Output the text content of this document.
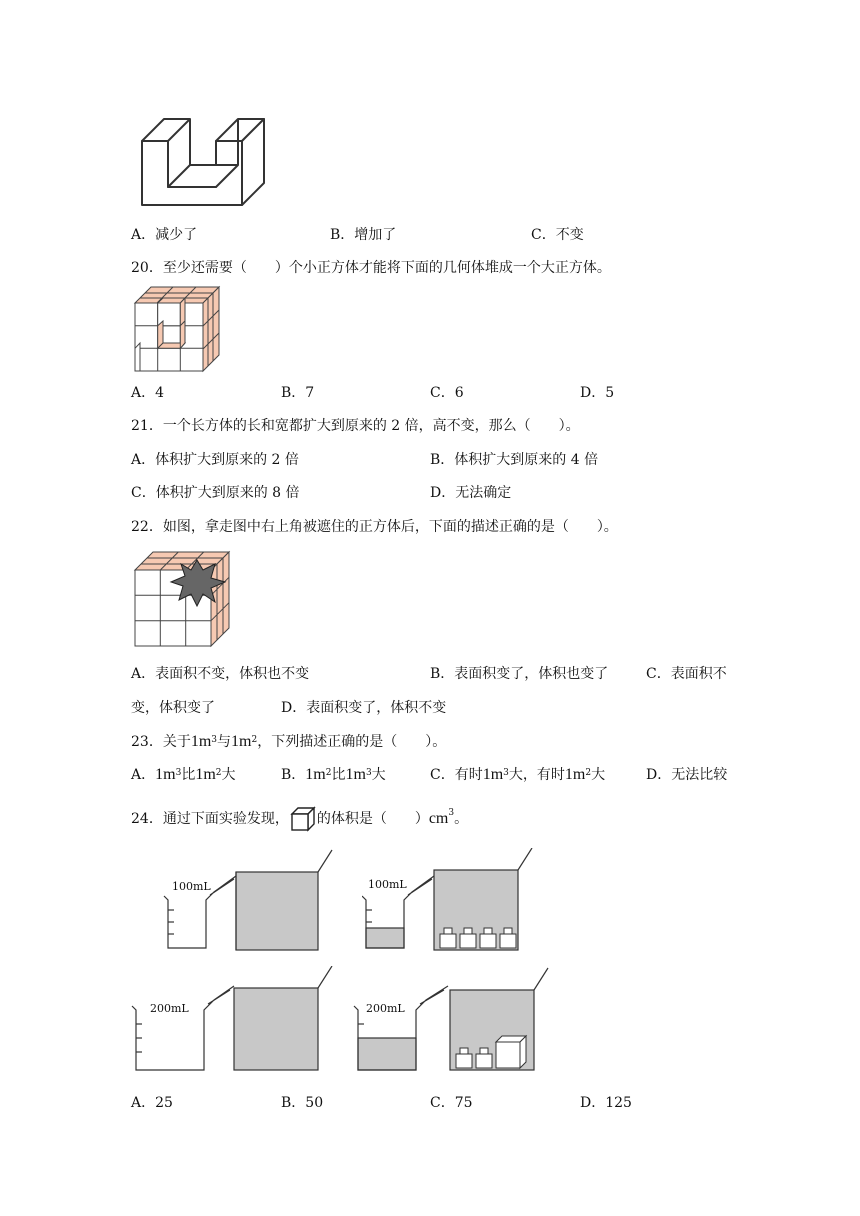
A．减少了	B．增加了	C．不变
20．至少还需要（　　）个小正方体才能将下面的几何体堆成一个大正方体。
A．4	B．7	C．6	D．5
21．一个长方体的长和宽都扩大到原来的 2 倍，高不变，那么（　　）。
A．体积扩大到原来的 2 倍	B．体积扩大到原来的 4 倍
C．体积扩大到原来的 8 倍	D．无法确定
22．如图，拿走图中右上角被遮住的正方体后，下面的描述正确的是（　　）。
A．表面积不变，体积也不变	B．表面积变了，体积也变了	C．表面积不
变，体积变了	D．表面积变了，体积不变
23．关于$1m^3$与$1m^2$，下列描述正确的是（　　）。
A．$1m^3$比$1m^2$大	B．$1m^2$比$1m^3$大	C．有时$1m^3$大，有时$1m^2$大	D．无法比较
24．通过下面实验发现， 的体积是（　　）$cm^3$。
100mL	100mL
200mL	200mL
A．25	B．50	C．75	D．125
